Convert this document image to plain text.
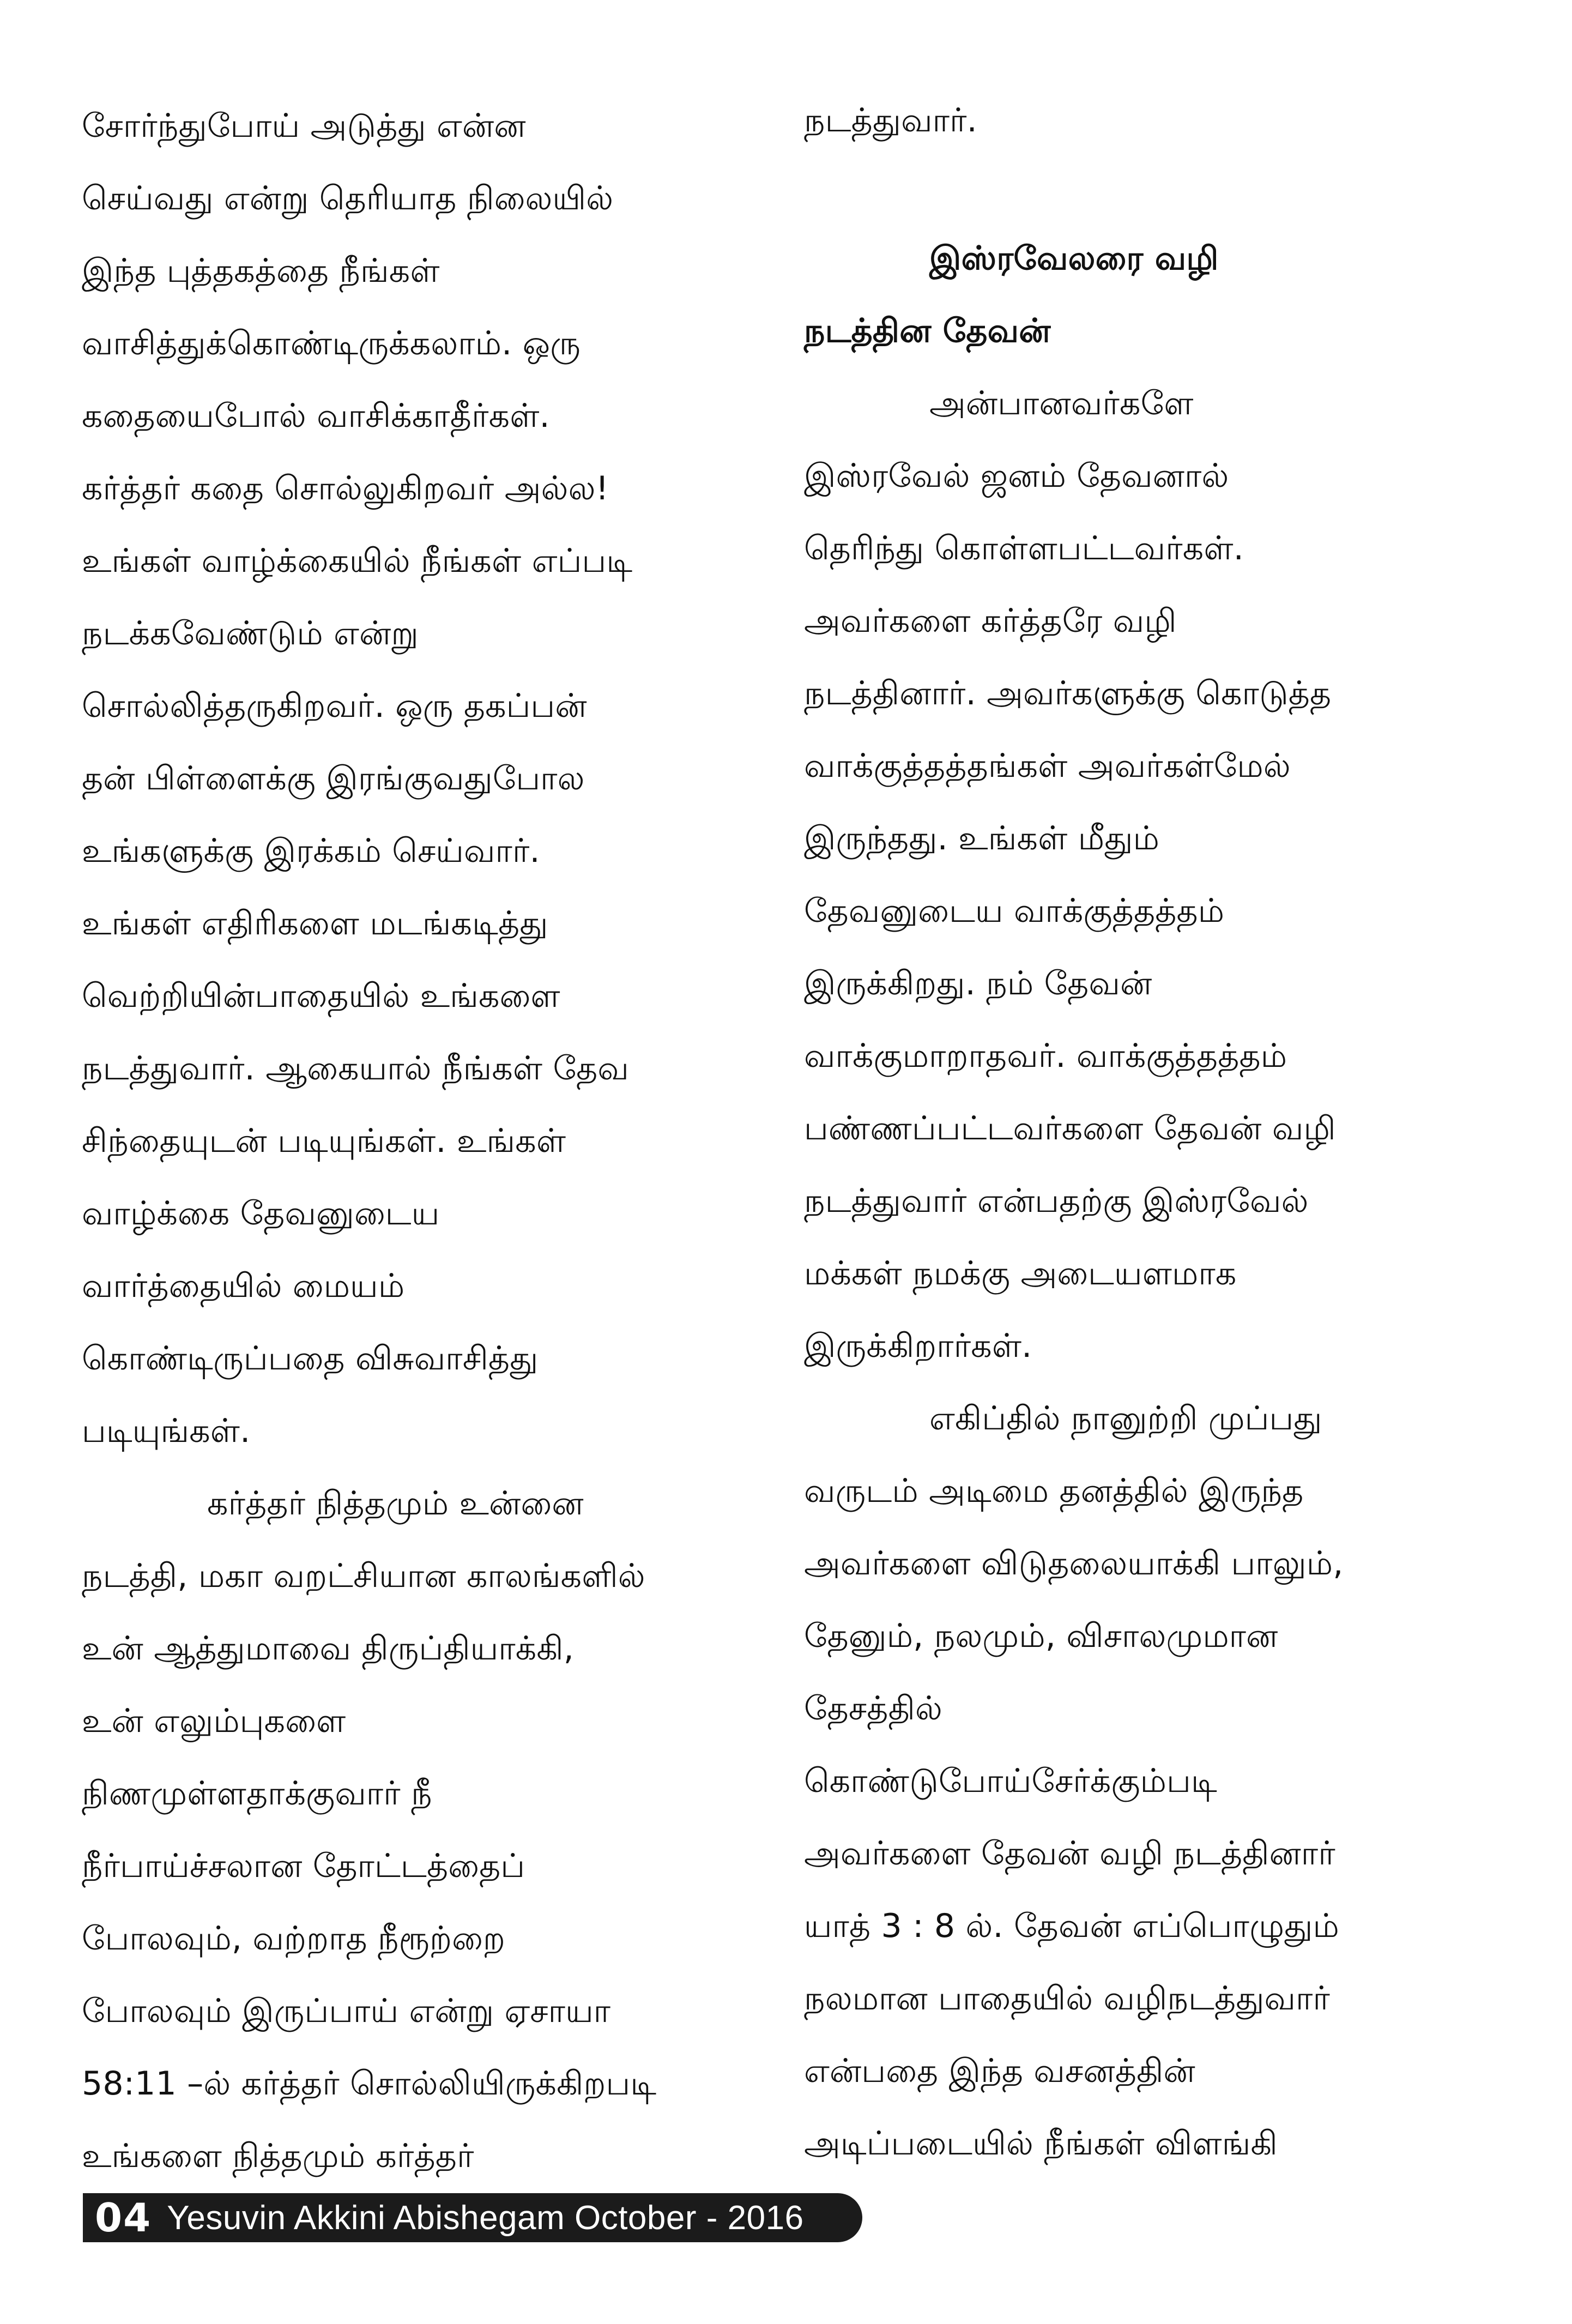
சோர்ந்துபோய் அடுத்து என்ன
செய்வது என்று தெரியாத நிலையில்
இந்த புத்தகத்தை நீங்கள்
வாசித்துக்கொண்டிருக்கலாம். ஒரு
கதையைபோல் வாசிக்காதீர்கள்.
கர்த்தர் கதை சொல்லுகிறவர் அல்ல!
உங்கள் வாழ்க்கையில் நீங்கள் எப்படி
நடக்கவேண்டும் என்று
சொல்லித்தருகிறவர். ஒரு தகப்பன்
தன் பிள்ளைக்கு இரங்குவதுபோல
உங்களுக்கு இரக்கம் செய்வார்.
உங்கள் எதிரிகளை மடங்கடித்து
வெற்றியின்பாதையில் உங்களை
நடத்துவார். ஆகையால் நீங்கள் தேவ
சிந்தையுடன் படியுங்கள். உங்கள்
வாழ்க்கை தேவனுடைய
வார்த்தையில் மையம்
கொண்டிருப்பதை விசுவாசித்து
படியுங்கள்.
கர்த்தர் நித்தமும் உன்னை
நடத்தி, மகா வறட்சியான காலங்களில்
உன் ஆத்துமாவை திருப்தியாக்கி,
உன் எலும்புகளை
நிணமுள்ளதாக்குவார் நீ
நீர்பாய்ச்சலான தோட்டத்தைப்
போலவும், வற்றாத நீரூற்றை
போலவும் இருப்பாய் என்று ஏசாயா
58:11 –ல் கர்த்தர் சொல்லியிருக்கிறபடி
உங்களை நித்தமும் கர்த்தர்
நடத்துவார்.
இஸ்ரவேலரை வழி
நடத்தின தேவன்
அன்பானவர்களே
இஸ்ரவேல் ஜனம் தேவனால்
தெரிந்து கொள்ளபட்டவர்கள்.
அவர்களை கர்த்தரே வழி
நடத்தினார். அவர்களுக்கு கொடுத்த
வாக்குத்தத்தங்கள் அவர்கள்மேல்
இருந்தது. உங்கள் மீதும்
தேவனுடைய வாக்குத்தத்தம்
இருக்கிறது. நம் தேவன்
வாக்குமாறாதவர். வாக்குத்தத்தம்
பண்ணப்பட்டவர்களை தேவன் வழி
நடத்துவார் என்பதற்கு இஸ்ரவேல்
மக்கள் நமக்கு அடையளமாக
இருக்கிறார்கள்.
எகிப்தில் நானுற்றி முப்பது
வருடம் அடிமை தனத்தில் இருந்த
அவர்களை விடுதலையாக்கி பாலும்,
தேனும், நலமும், விசாலமுமான
தேசத்தில்
கொண்டுபோய்சேர்க்கும்படி
அவர்களை தேவன் வழி நடத்தினார்
யாத் 3 : 8 ல். தேவன் எப்பொழுதும்
நலமான பாதையில் வழிநடத்துவார்
என்பதை இந்த வசனத்தின்
அடிப்படையில் நீங்கள் விளங்கி
04 Yesuvin Akkini Abishegam October - 2016
